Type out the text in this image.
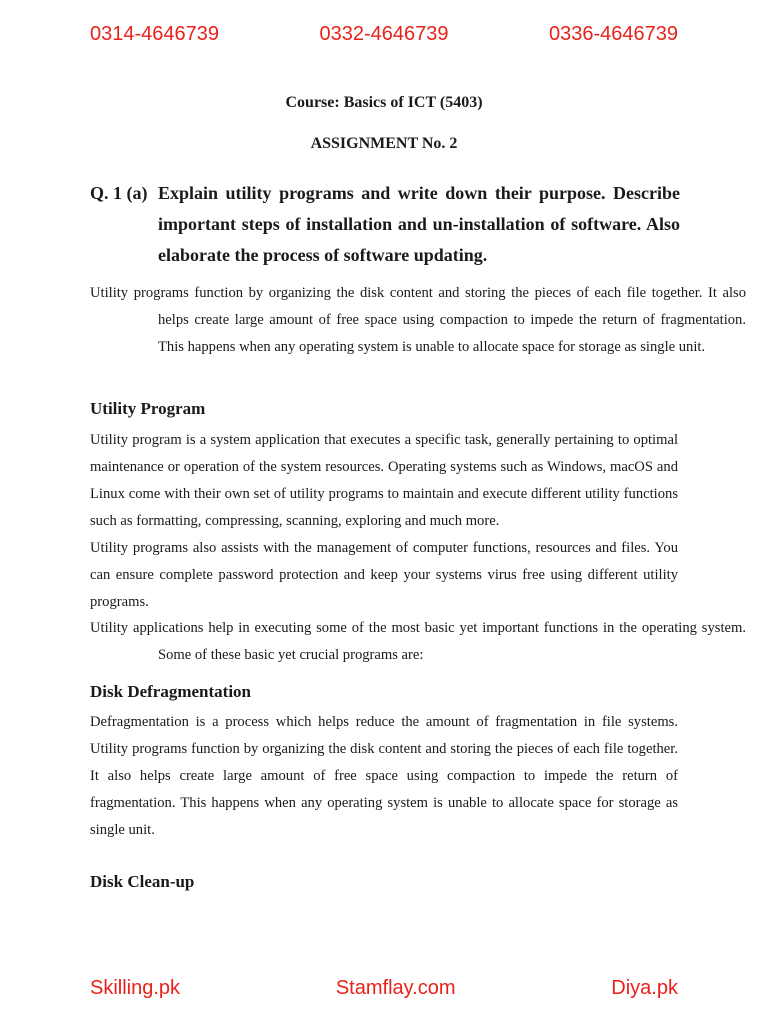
0314-4646739	0332-4646739	0336-4646739
Course: Basics of ICT (5403)
ASSIGNMENT No. 2
Q. 1 (a) Explain utility programs and write down their purpose. Describe important steps of installation and un-installation of software. Also elaborate the process of software updating.

Utility programs function by organizing the disk content and storing the pieces of each file together. It also helps create large amount of free space using compaction to impede the return of fragmentation. This happens when any operating system is unable to allocate space for storage as single unit.

Utility Program

Utility program is a system application that executes a specific task, generally pertaining to optimal maintenance or operation of the system resources. Operating systems such as Windows, macOS and Linux come with their own set of utility programs to maintain and execute different utility functions such as formatting, compressing, scanning, exploring and much more.

Utility programs also assists with the management of computer functions, resources and files. You can ensure complete password protection and keep your systems virus free using different utility programs.

Utility applications help in executing some of the most basic yet important functions in the operating system. Some of these basic yet crucial programs are:

Disk Defragmentation

Defragmentation is a process which helps reduce the amount of fragmentation in file systems. Utility programs function by organizing the disk content and storing the pieces of each file together. It also helps create large amount of free space using compaction to impede the return of fragmentation. This happens when any operating system is unable to allocate space for storage as single unit.

Disk Clean-up
Skilling.pk	Stamflay.com	Diya.pk
